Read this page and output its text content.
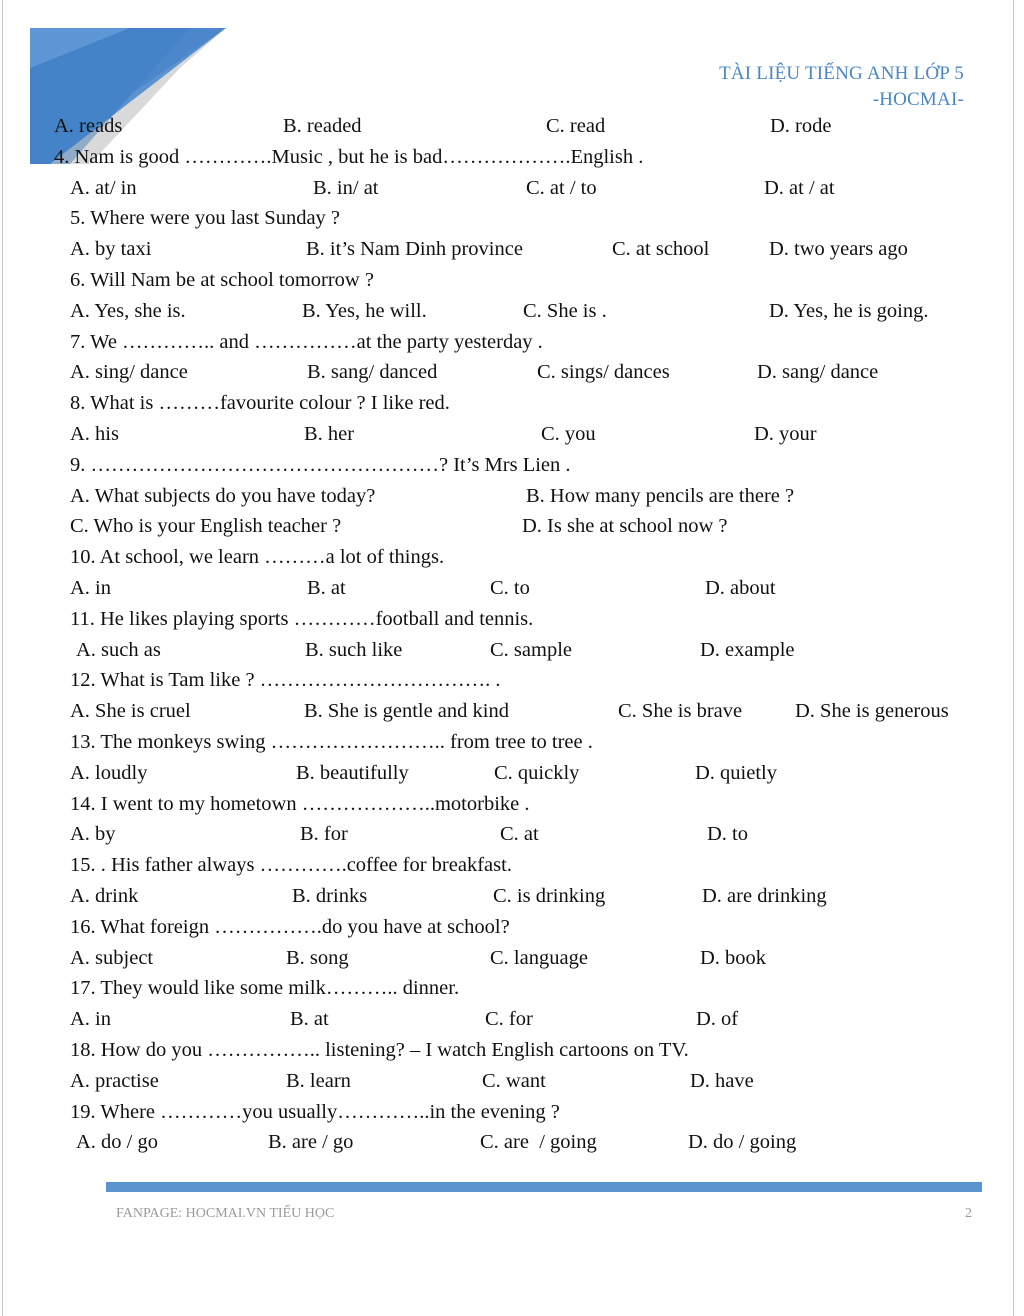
TÀI LIỆU TIẾNG ANH LỚP 5
-HOCMAI-
A. reads	B. readed	C. read	D. rode
4. Nam is good ………….Music , but he is bad……………….English .
A. at/ in	B. in/ at	C. at / to	D. at / at
5. Where were you last Sunday ?
A. by taxi	B. it’s Nam Dinh province	C. at school	D. two years ago
6. Will Nam be at school tomorrow ?
A. Yes, she is.	B. Yes, he will.	C. She is .	D. Yes, he is going.
7. We ………….. and ……………at the party yesterday .
A. sing/ dance	B. sang/ danced	C. sings/ dances	D. sang/ dance
8. What is ………favourite colour ? I like red.
A. his	B. her	C. you	D. your
9. ……………………………………………? It’s Mrs Lien .
A. What subjects do you have today?	B. How many pencils are there ?
C. Who is your English teacher ?	D. Is she at school now ?
10. At school, we learn ………a lot of things.
A. in	B. at	C. to	D. about
11. He likes playing sports …………football and tennis.
A. such as	B. such like	C. sample	D. example
12. What is Tam like ? ……………………………. .
A. She is cruel	B. She is gentle and kind	C. She is brave	D. She is generous
13. The monkeys swing …………………….. from tree to tree .
A. loudly	B. beautifully	C. quickly	D. quietly
14. I went to my hometown ………………..motorbike .
A. by	B. for	C. at	D. to
15. . His father always ………….coffee for breakfast.
A. drink	B. drinks	C. is drinking	D. are drinking
16. What foreign …………….do you have at school?
A. subject	B. song	C. language	D. book
17. They would like some milk……….. dinner.
A. in	B. at	C. for	D. of
18. How do you …………….. listening? – I watch English cartoons on TV.
A. practise	B. learn	C. want	D. have
19. Where …………you usually…………..in the evening ?
A. do / go	B. are / go	C. are  / going	D. do / going
FANPAGE: HOCMAI.VN TIỂU HỌC	2
